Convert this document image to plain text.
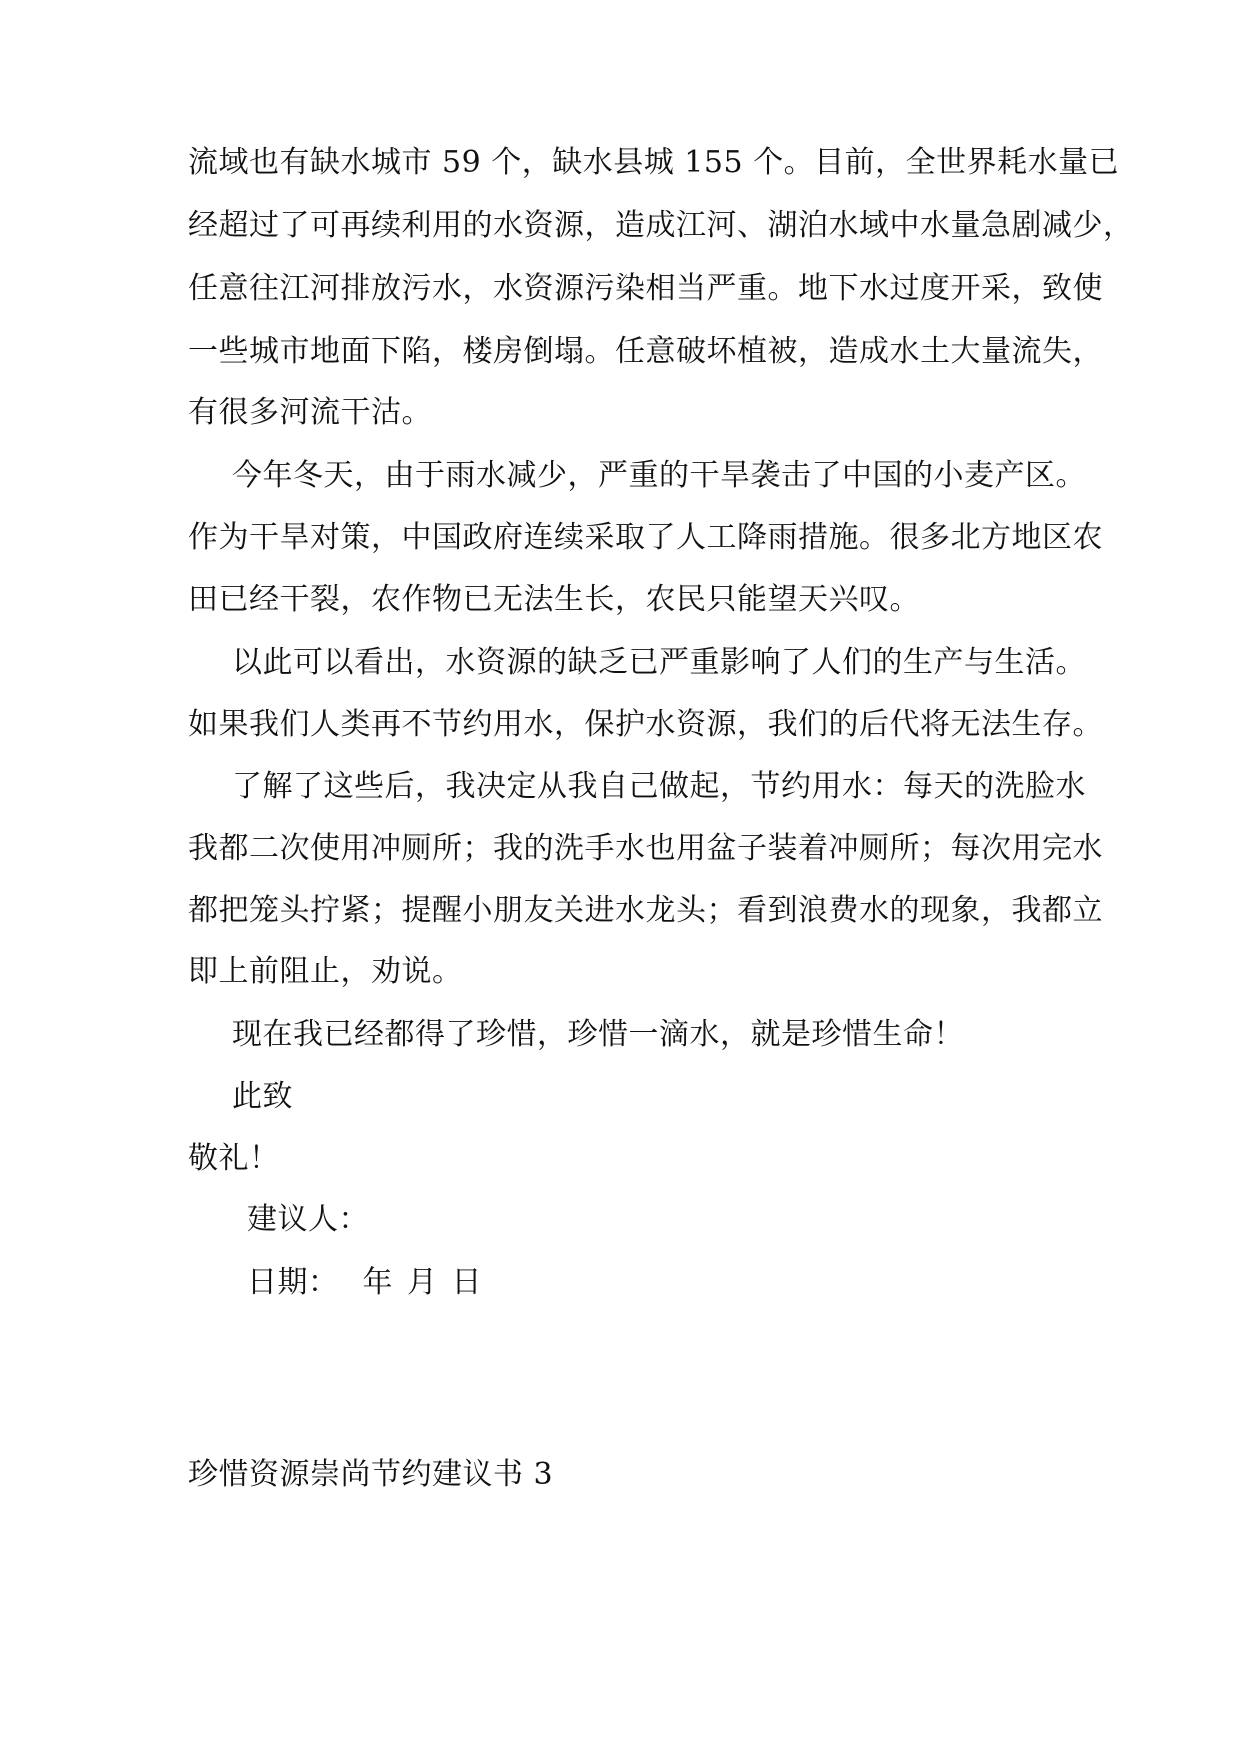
流域也有缺水城市 59 个，缺水县城 155 个。目前，全世界耗水量已
经超过了可再续利用的水资源，造成江河、湖泊水域中水量急剧减少，
任意往江河排放污水，水资源污染相当严重。地下水过度开采，致使
一些城市地面下陷，楼房倒塌。任意破坏植被，造成水土大量流失，
有很多河流干沽。
今年冬天，由于雨水减少，严重的干旱袭击了中国的小麦产区。
作为干旱对策，中国政府连续采取了人工降雨措施。很多北方地区农
田已经干裂，农作物已无法生长，农民只能望天兴叹。
以此可以看出，水资源的缺乏已严重影响了人们的生产与生活。
如果我们人类再不节约用水，保护水资源，我们的后代将无法生存。
了解了这些后，我决定从我自己做起，节约用水：每天的洗脸水
我都二次使用冲厕所；我的洗手水也用盆子装着冲厕所；每次用完水
都把笼头拧紧；提醒小朋友关进水龙头；看到浪费水的现象，我都立
即上前阻止，劝说。
现在我已经都得了珍惜，珍惜一滴水，就是珍惜生命！
此致
敬礼！
建议人：
日期： 年 月 日
珍惜资源崇尚节约建议书 3
